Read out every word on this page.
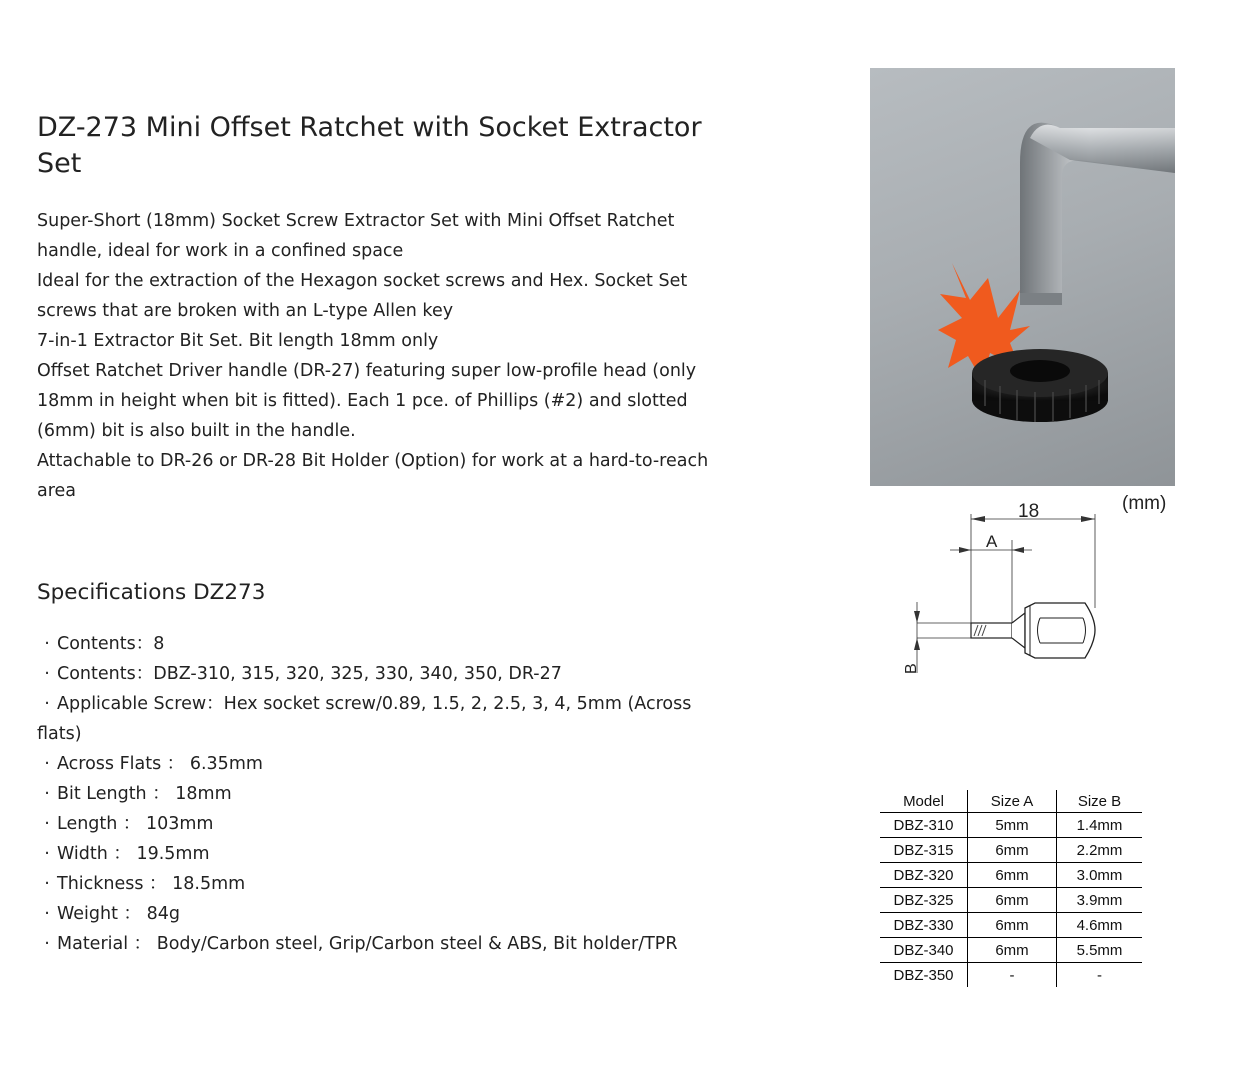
DZ-273 Mini Offset Ratchet with Socket Extractor Set

Super-Short (18mm) Socket Screw Extractor Set with Mini Offset Ratchet handle, ideal for work in a confined space

Ideal for the extraction of the Hexagon socket screws and Hex. Socket Set screws that are broken with an L-type Allen key

7-in-1 Extractor Bit Set. Bit length 18mm only

Offset Ratchet Driver handle (DR-27) featuring super low-profile head (only 18mm in height when bit is fitted). Each 1 pce. of Phillips (#2) and slotted (6mm) bit is also built in the handle.

Attachable to DR-26 or DR-28 Bit Holder (Option) for work at a hard-to-reach area

Specifications DZ273
· Contents：8
· Contents：DBZ-310, 315, 320, 325, 330, 340, 350, DR-27
· Applicable Screw：Hex socket screw/0.89, 1.5, 2, 2.5, 3, 4, 5mm (Across flats)
· Across Flats ： 6.35mm
· Bit Length ： 18mm
· Length ： 103mm
· Width ： 19.5mm
· Thickness ： 18.5mm
· Weight ： 84g
· Material ： Body/Carbon steel, Grip/Carbon steel & ABS, Bit holder/TPR
(mm)
18
A
B
Model	Size A	Size B
DBZ-310	5mm	1.4mm
DBZ-315	6mm	2.2mm
DBZ-320	6mm	3.0mm
DBZ-325	6mm	3.9mm
DBZ-330	6mm	4.6mm
DBZ-340	6mm	5.5mm
DBZ-350	-	-
